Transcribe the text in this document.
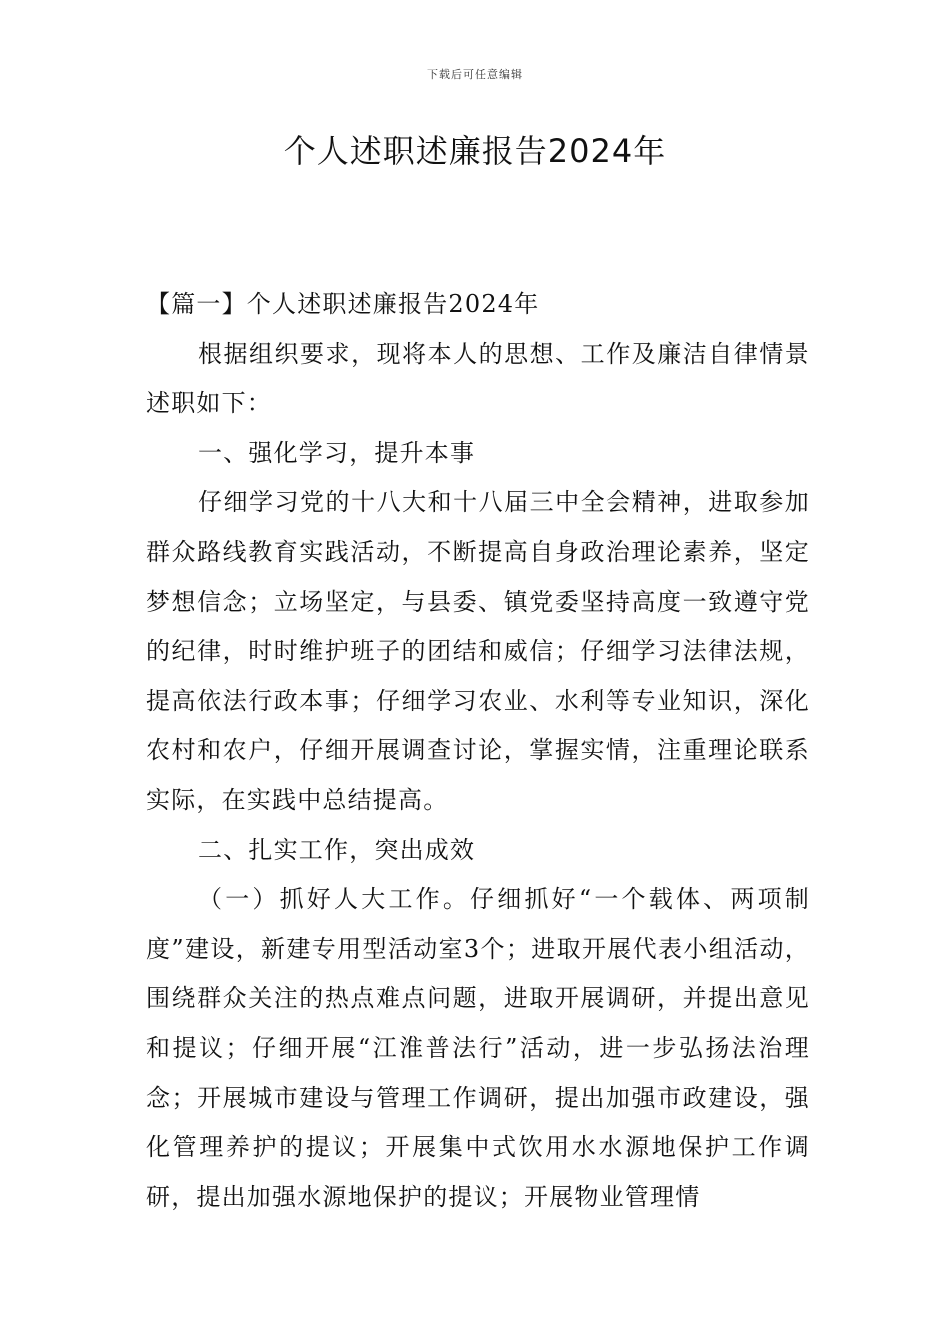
下载后可任意编辑
个人述职述廉报告2024年

【篇一】个人述职述廉报告2024年

根据组织要求，现将本人的思想、工作及廉洁自律情景述职如下：

一、强化学习，提升本事

仔细学习党的十八大和十八届三中全会精神，进取参加群众路线教育实践活动，不断提高自身政治理论素养，坚定梦想信念；立场坚定，与县委、镇党委坚持高度一致遵守党的纪律，时时维护班子的团结和威信；仔细学习法律法规，提高依法行政本事；仔细学习农业、水利等专业知识，深化农村和农户，仔细开展调查讨论，掌握实情，注重理论联系实际，在实践中总结提高。

二、扎实工作，突出成效

（一）抓好人大工作。仔细抓好“一个载体、两项制度”建设，新建专用型活动室3个；进取开展代表小组活动，围绕群众关注的热点难点问题，进取开展调研，并提出意见和提议；仔细开展“江淮普法行”活动，进一步弘扬法治理念；开展城市建设与管理工作调研，提出加强市政建设，强化管理养护的提议；开展集中式饮用水水源地保护工作调研，提出加强水源地保护的提议；开展物业管理情
